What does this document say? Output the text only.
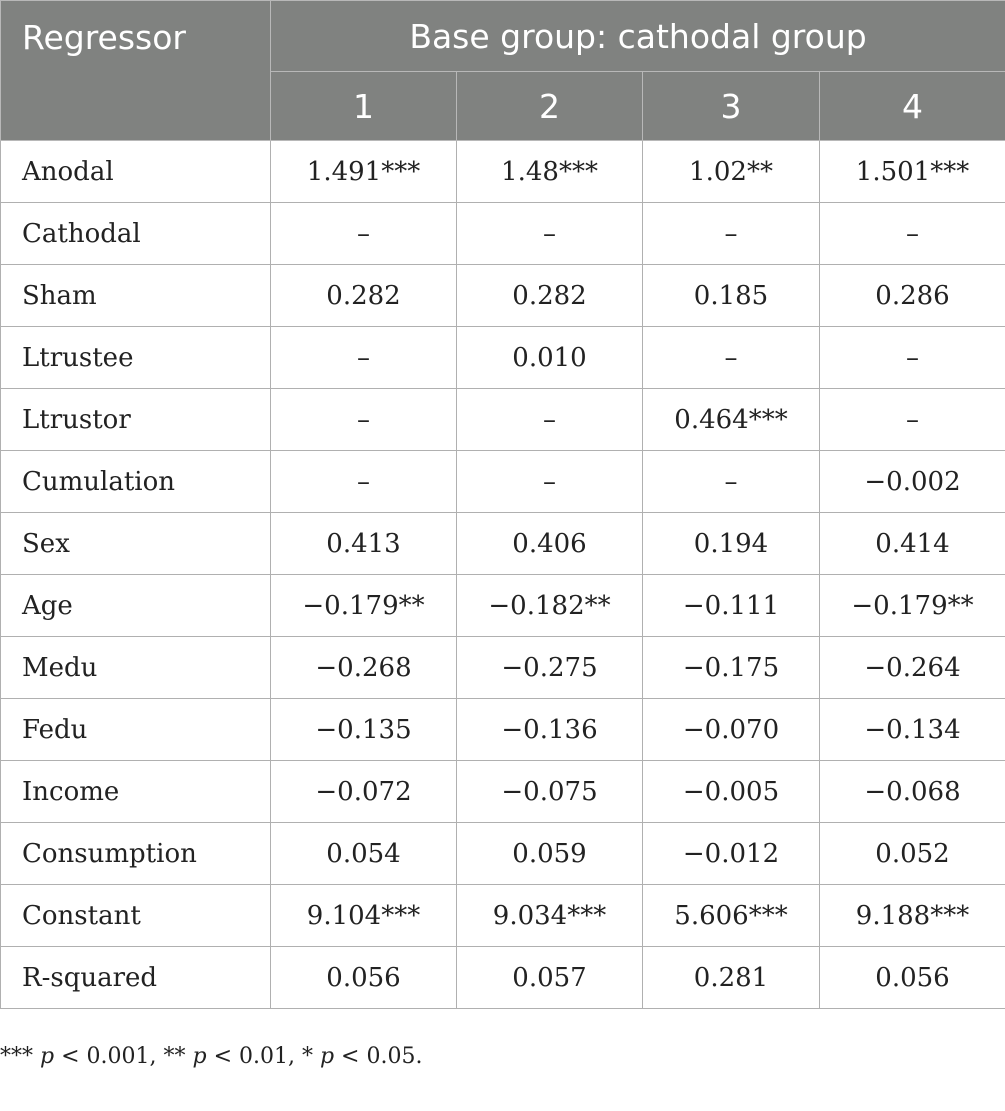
Regressor	Base group: cathodal group			
	1	2	3	4
Anodal	1.491***	1.48***	1.02**	1.501***
Cathodal	–	–	–	–
Sham	0.282	0.282	0.185	0.286
Ltrustee	–	0.010	–	–
Ltrustor	–	–	0.464***	–
Cumulation	–	–	–	−0.002
Sex	0.413	0.406	0.194	0.414
Age	−0.179**	−0.182**	−0.111	−0.179**
Medu	−0.268	−0.275	−0.175	−0.264
Fedu	−0.135	−0.136	−0.070	−0.134
Income	−0.072	−0.075	−0.005	−0.068
Consumption	0.054	0.059	−0.012	0.052
Constant	9.104***	9.034***	5.606***	9.188***
R-squared	0.056	0.057	0.281	0.056
*** p < 0.001, ** p < 0.01, * p < 0.05.
